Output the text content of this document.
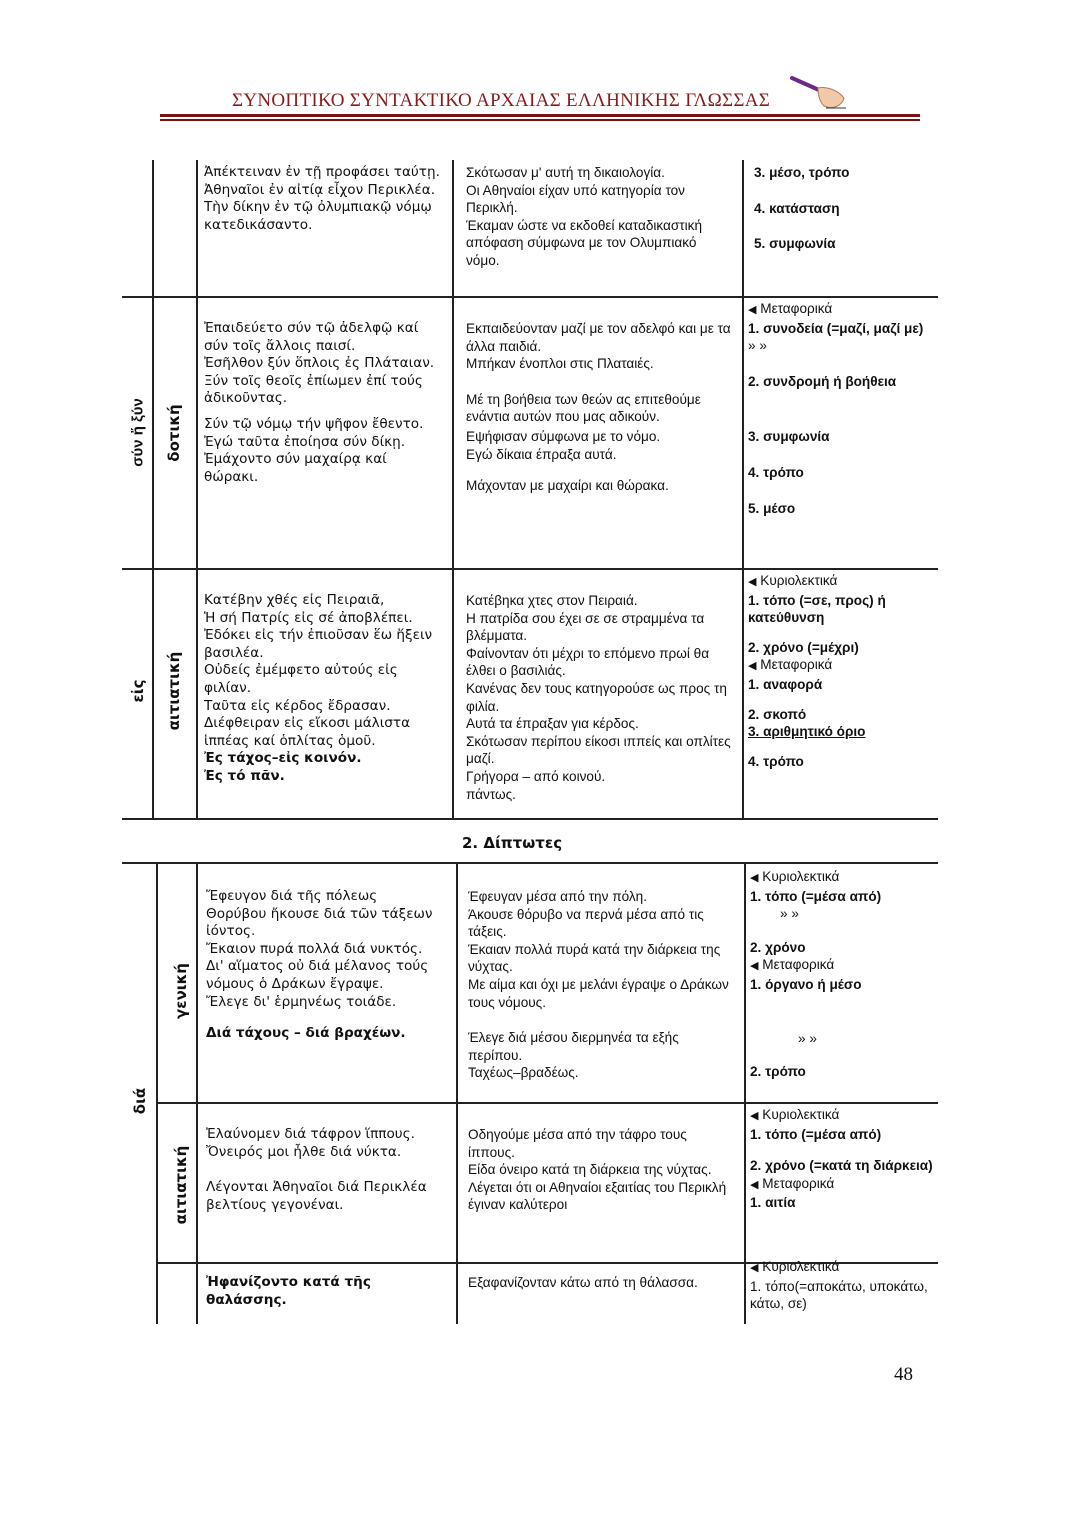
ΣΥΝΟΠΤΙΚΟ ΣΥΝΤΑΚΤΙΚΟ ΑΡΧΑΙΑΣ ΕΛΛΗΝΙΚΗΣ ΓΛΩΣΣΑΣ

Ἀπέκτειναν ἐν τῇ προφάσει ταύτῃ.

Ἀθηναῖοι ἐν αἰτίᾳ εἶχον Περικλέα.

Τὴν δίκην ἐν τῷ ὀλυμπιακῷ νόμῳ κατεδικάσαντο.

Σκότωσαν μ' αυτή τη δικαιολογία.

Οι Αθηναίοι είχαν υπό κατηγορία τον Περικλή.

Έκαμαν ώστε να εκδοθεί καταδικαστική απόφαση σύμφωνα με τον Ολυμπιακό νόμο.

3. μέσο, τρόπο

4. κατάσταση

5. συμφωνία

σύν ἤ ξύν δοτική

Ἐπαιδεύετο σύν τῷ ἀδελφῷ καί σύν τοῖς ἄλλοις παισί.

Ἐσῆλθον ξύν ὅπλοις ἐς Πλάταιαν.

Ξύν τοῖς θεοῖς ἐπίωμεν ἐπί τούς ἀδικοῦντας.

Σύν τῷ νόμῳ τήν ψῆφον ἔθεντο.

Ἐγώ ταῦτα ἐποίησα σύν δίκῃ.

Ἐμάχοντο σύν μαχαίρᾳ καί θώρακι.

Εκπαιδεύονταν μαζί με τον αδελφό και με τα άλλα παιδιά.

Μπήκαν ένοπλοι στις Πλαταιές.

Μέ τη βοήθεια των θεών ας επιτεθούμε ενάντια αυτών που μας αδικούν.

Εψήφισαν σύμφωνα με το νόμο.

Εγώ δίκαια έπραξα αυτά.

Μάχονταν με μαχαίρι και θώρακα.

◀ Μεταφορικά

1. συνοδεία (=μαζί, μαζί με)

» »

2. συνδρομή ή βοήθεια

3. συμφωνία

4. τρόπο

5. μέσο

εἰς αιτιατική

Κατέβην χθές εἰς Πειραιᾶ,

Ἡ σή Πατρίς εἰς σέ ἀποβλέπει.

Ἐδόκει εἰς τήν ἐπιοῦσαν ἕω ἥξειν βασιλέα.

Οὐδείς ἐμέμφετο αὐτούς εἰς φιλίαν.

Ταῦτα εἰς κέρδος ἔδρασαν.

Διέφθειραν εἰς εἴκοσι μάλιστα ἱππέας καί ὁπλίτας ὁμοῦ.

Ἐς τάχος–εἰς κοινόν.

Ἐς τό πᾶν.

Κατέβηκα χτες στον Πειραιά.

Η πατρίδα σου έχει σε σε στραμμένα τα βλέμματα.

Φαίνονταν ότι μέχρι το επόμενο πρωί θα έλθει ο βασιλιάς.

Κανένας δεν τους κατηγορούσε ως προς τη φιλία.

Αυτά τα έπραξαν για κέρδος.

Σκότωσαν περίπου είκοσι ιππείς και οπλίτες μαζί.

Γρήγορα – από κοινού.

πάντως.

◀ Κυριολεκτικά

1. τόπο (=σε, προς) ή κατεύθυνση

2. χρόνο (=μέχρι)

◀ Μεταφορικά

1. αναφορά

2. σκοπό

3. αριθμητικό όριο

4. τρόπο

2. Δίπτωτες
διά
γενική
αιτιατική

Ἔφευγον διά τῆς πόλεως

Θορύβου ἤκουσε διά τῶν τάξεων ἰόντος.

Ἔκαιον πυρά πολλά διά νυκτός.

Δι' αἵματος οὐ διά μέλανος τούς νόμους ὁ Δράκων ἔγραψε.

Ἔλεγε δι' ἑρμηνέως τοιάδε.

Διά τάχους – διά βραχέων.

Έφευγαν μέσα από την πόλη.

Άκουσε θόρυβο να περνά μέσα από τις τάξεις.

Έκαιαν πολλά πυρά κατά την διάρκεια της νύχτας.

Με αίμα και όχι με μελάνι έγραψε ο Δράκων τους νόμους.

Έλεγε διά μέσου διερμηνέα τα εξής περίπου.

Ταχέως–βραδέως.

◀ Κυριολεκτικά

1. τόπο (=μέσα από)

» »

2. χρόνο

◀ Μεταφορικά

1. όργανο ή μέσο

» »

2. τρόπο

Ἐλαύνομεν διά τάφρον ἵππους.

Ὄνειρός μοι ἦλθε διά νύκτα.

Λέγονται Ἀθηναῖοι διά Περικλέα βελτίους γεγονέναι.

Οδηγούμε μέσα από την τάφρο τους ίππους.

Είδα όνειρο κατά τη διάρκεια της νύχτας.

Λέγεται ότι οι Αθηναίοι εξαιτίας του Περικλή έγιναν καλύτεροι

◀ Κυριολεκτικά

1. τόπο (=μέσα από)

2. χρόνο (=κατά τη διάρκεια)

◀ Μεταφορικά

1. αιτία

Ἠφανίζοντο κατά τῆς θαλάσσης.

Εξαφανίζονταν κάτω από τη θάλασσα.

◀ Κυριολεκτικά

1. τόπο(=αποκάτω, υποκάτω, κάτω, σε)

48
